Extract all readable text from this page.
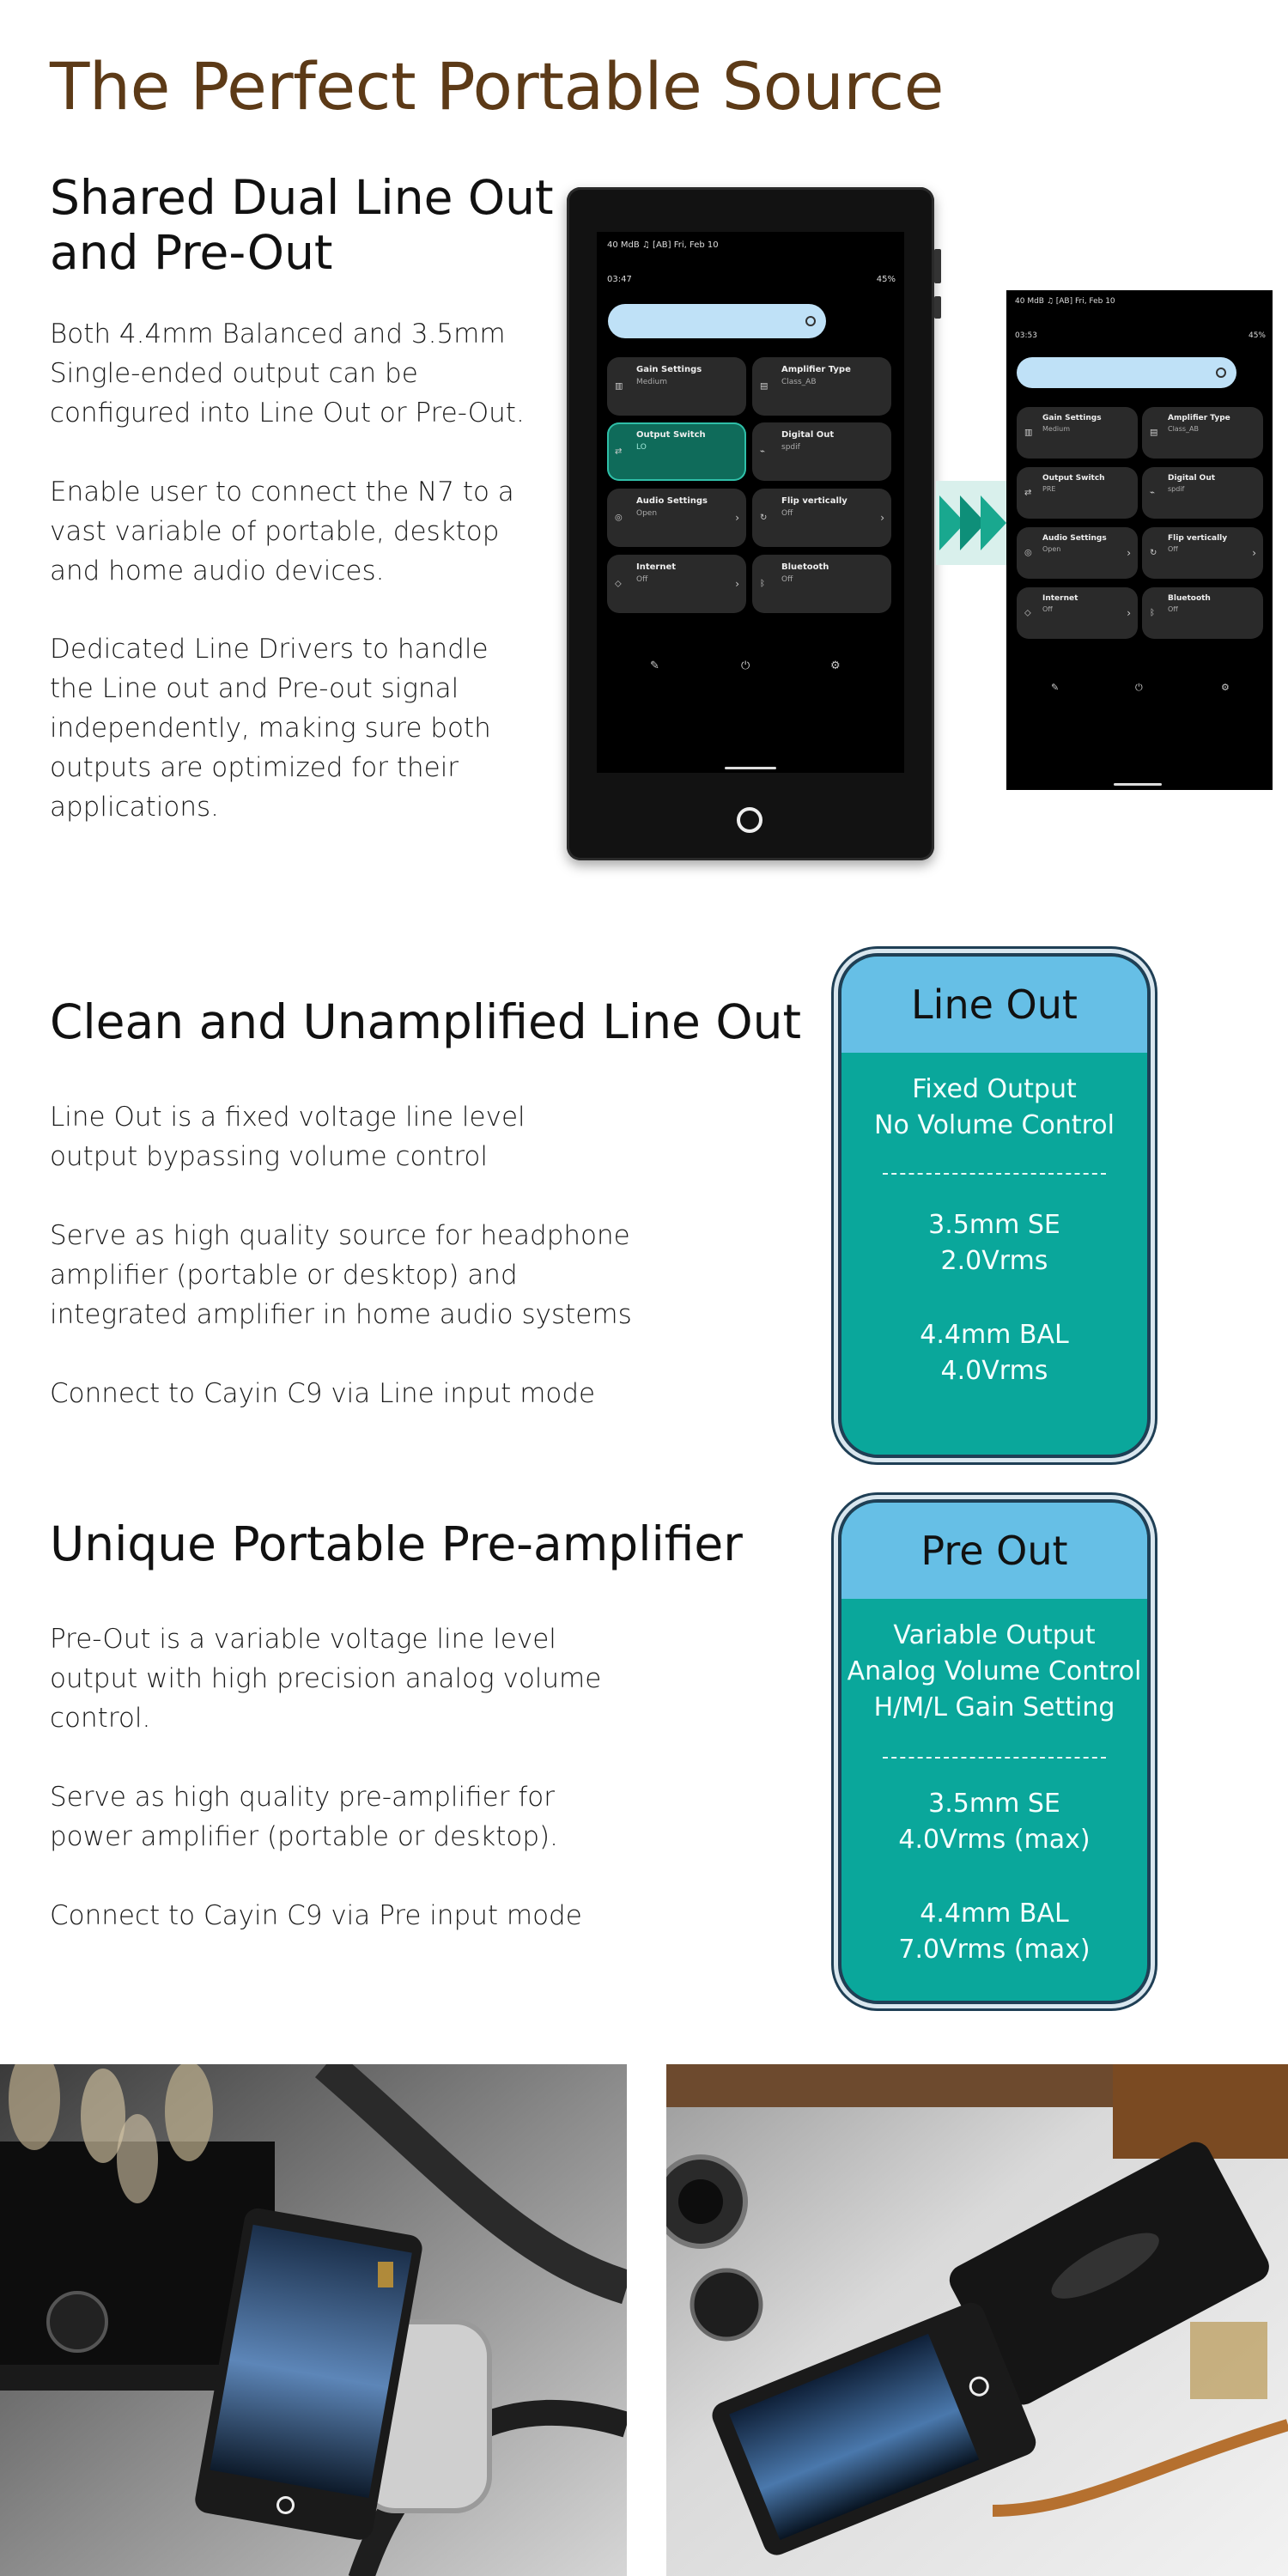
The Perfect Portable Source
Shared Dual Line Out
and Pre-Out
Both 4.4mm Balanced and 3.5mm
Single-ended output can be
configured into Line Out or Pre-Out.
Enable user to connect the N7 to a
vast variable of portable, desktop
and home audio devices.
Dedicated Line Drivers to handle
the Line out and Pre-out signal
independently, making sure both
outputs are optimized for their
applications.
40 MdB ♫ [AB] Fri, Feb 10
03:47	45%
▥
Gain Settings
Medium	▤
Amplifier Type
Class_AB
⇄
Output Switch
LO	⌁
Digital Out
spdif
◎
Audio Settings
Open	› ↻
Flip vertically
Off	›
◇
Internet
Off	› ᛒ
Bluetooth
Off
✎	⏻	⚙
40 MdB ♫ [AB] Fri, Feb 10
03:53	45%
▥
Gain Settings
Medium	▤
Amplifier Type
Class_AB
⇄
Output Switch
PRE	⌁
Digital Out
spdif
◎
Audio Settings
Open	› ↻
Flip vertically
Off	›
◇
Internet
Off	› ᛒ
Bluetooth
Off
✎	⏻	⚙
Clean and Unamplified Line Out
Line Out is a fixed voltage line level
output bypassing volume control
Serve as high quality source for headphone
amplifier (portable or desktop) and
integrated amplifier in home audio systems
Connect to Cayin C9 via Line input mode
Line Out
Fixed Output
No Volume Control
3.5mm SE
2.0Vrms
4.4mm BAL
4.0Vrms
Unique Portable Pre-amplifier
Pre-Out is a variable voltage line level
output with high precision analog volume
control.
Serve as high quality pre-amplifier for
power amplifier (portable or desktop).
Connect to Cayin C9 via Pre input mode
Pre Out
Variable Output
Analog Volume Control
H/M/L Gain Setting
3.5mm SE
4.0Vrms (max)
4.4mm BAL
7.0Vrms (max)
